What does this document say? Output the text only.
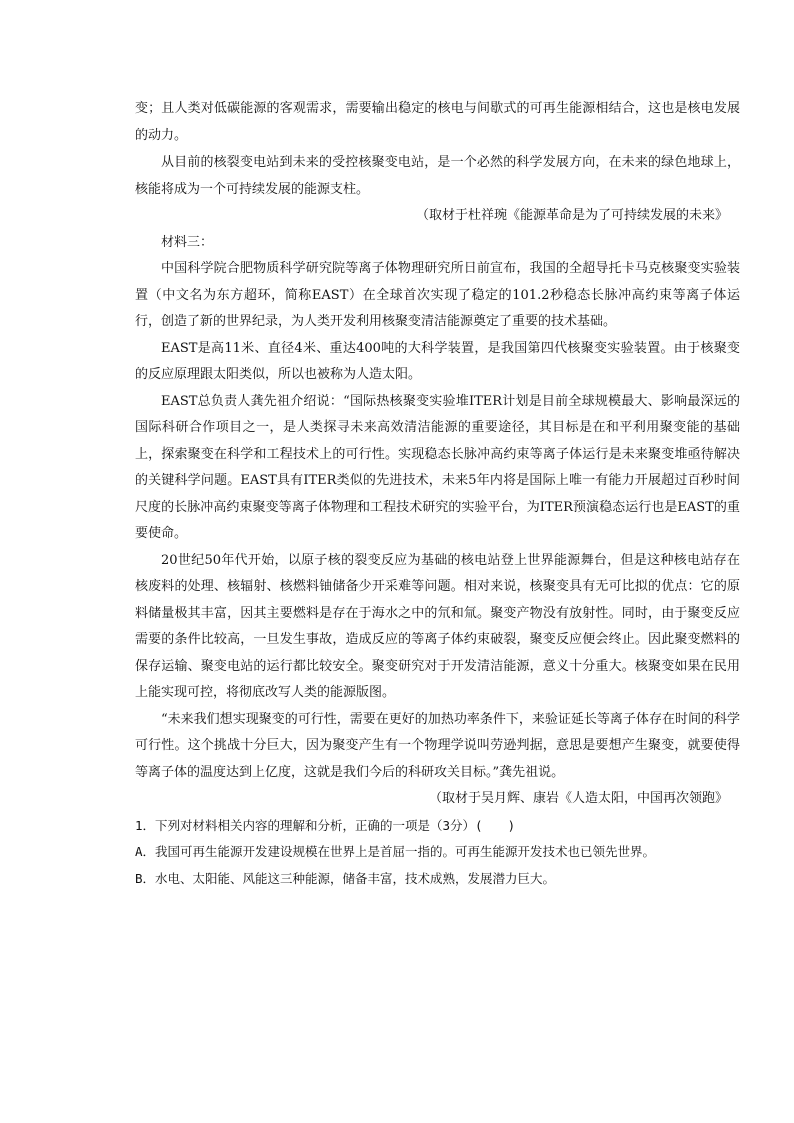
变；且人类对低碳能源的客观需求，需要输出稳定的核电与间歇式的可再生能源相结合，这也是核电发展的动力。

从目前的核裂变电站到未来的受控核聚变电站，是一个必然的科学发展方向，在未来的绿色地球上，核能将成为一个可持续发展的能源支柱。

（取材于杜祥琬《能源革命是为了可持续发展的未来》

材料三：

中国科学院合肥物质科学研究院等离子体物理研究所日前宣布，我国的全超导托卡马克核聚变实验装置（中文名为东方超环，简称EAST）在全球首次实现了稳定的101.2秒稳态长脉冲高约束等离子体运行，创造了新的世界纪录，为人类开发利用核聚变清洁能源奠定了重要的技术基础。

EAST是高11米、直径4米、重达400吨的大科学装置，是我国第四代核聚变实验装置。由于核聚变的反应原理跟太阳类似，所以也被称为人造太阳。

EAST总负责人龚先祖介绍说：“国际热核聚变实验堆ITER计划是目前全球规模最大、影响最深远的国际科研合作项目之一，是人类探寻未来高效清洁能源的重要途径，其目标是在和平利用聚变能的基础上，探索聚变在科学和工程技术上的可行性。实现稳态长脉冲高约束等离子体运行是未来聚变堆亟待解决的关键科学问题。EAST具有ITER类似的先进技术，未来5年内将是国际上唯一有能力开展超过百秒时间尺度的长脉冲高约束聚变等离子体物理和工程技术研究的实验平台，为ITER预演稳态运行也是EAST的重要使命。

20世纪50年代开始，以原子核的裂变反应为基础的核电站登上世界能源舞台，但是这种核电站存在核废料的处理、核辐射、核燃料铀储备少开采难等问题。相对来说，核聚变具有无可比拟的优点：它的原料储量极其丰富，因其主要燃料是存在于海水之中的氘和氚。聚变产物没有放射性。同时，由于聚变反应需要的条件比较高，一旦发生事故，造成反应的等离子体约束破裂，聚变反应便会终止。因此聚变燃料的保存运输、聚变电站的运行都比较安全。聚变研究对于开发清洁能源，意义十分重大。核聚变如果在民用上能实现可控，将彻底改写人类的能源版图。

“未来我们想实现聚变的可行性，需要在更好的加热功率条件下，来验证延长等离子体存在时间的科学可行性。这个挑战十分巨大，因为聚变产生有一个物理学说叫劳逊判据，意思是要想产生聚变，就要使得等离子体的温度达到上亿度，这就是我们今后的科研攻关目标。”龚先祖说。

（取材于吴月辉、康岩《人造太阳，中国再次领跑》

1．下列对材料相关内容的理解和分析，正确的一项是（3分）(　　)

A．我国可再生能源开发建设规模在世界上是首屈一指的。可再生能源开发技术也已领先世界。

B．水电、太阳能、风能这三种能源，储备丰富，技术成熟，发展潜力巨大。
